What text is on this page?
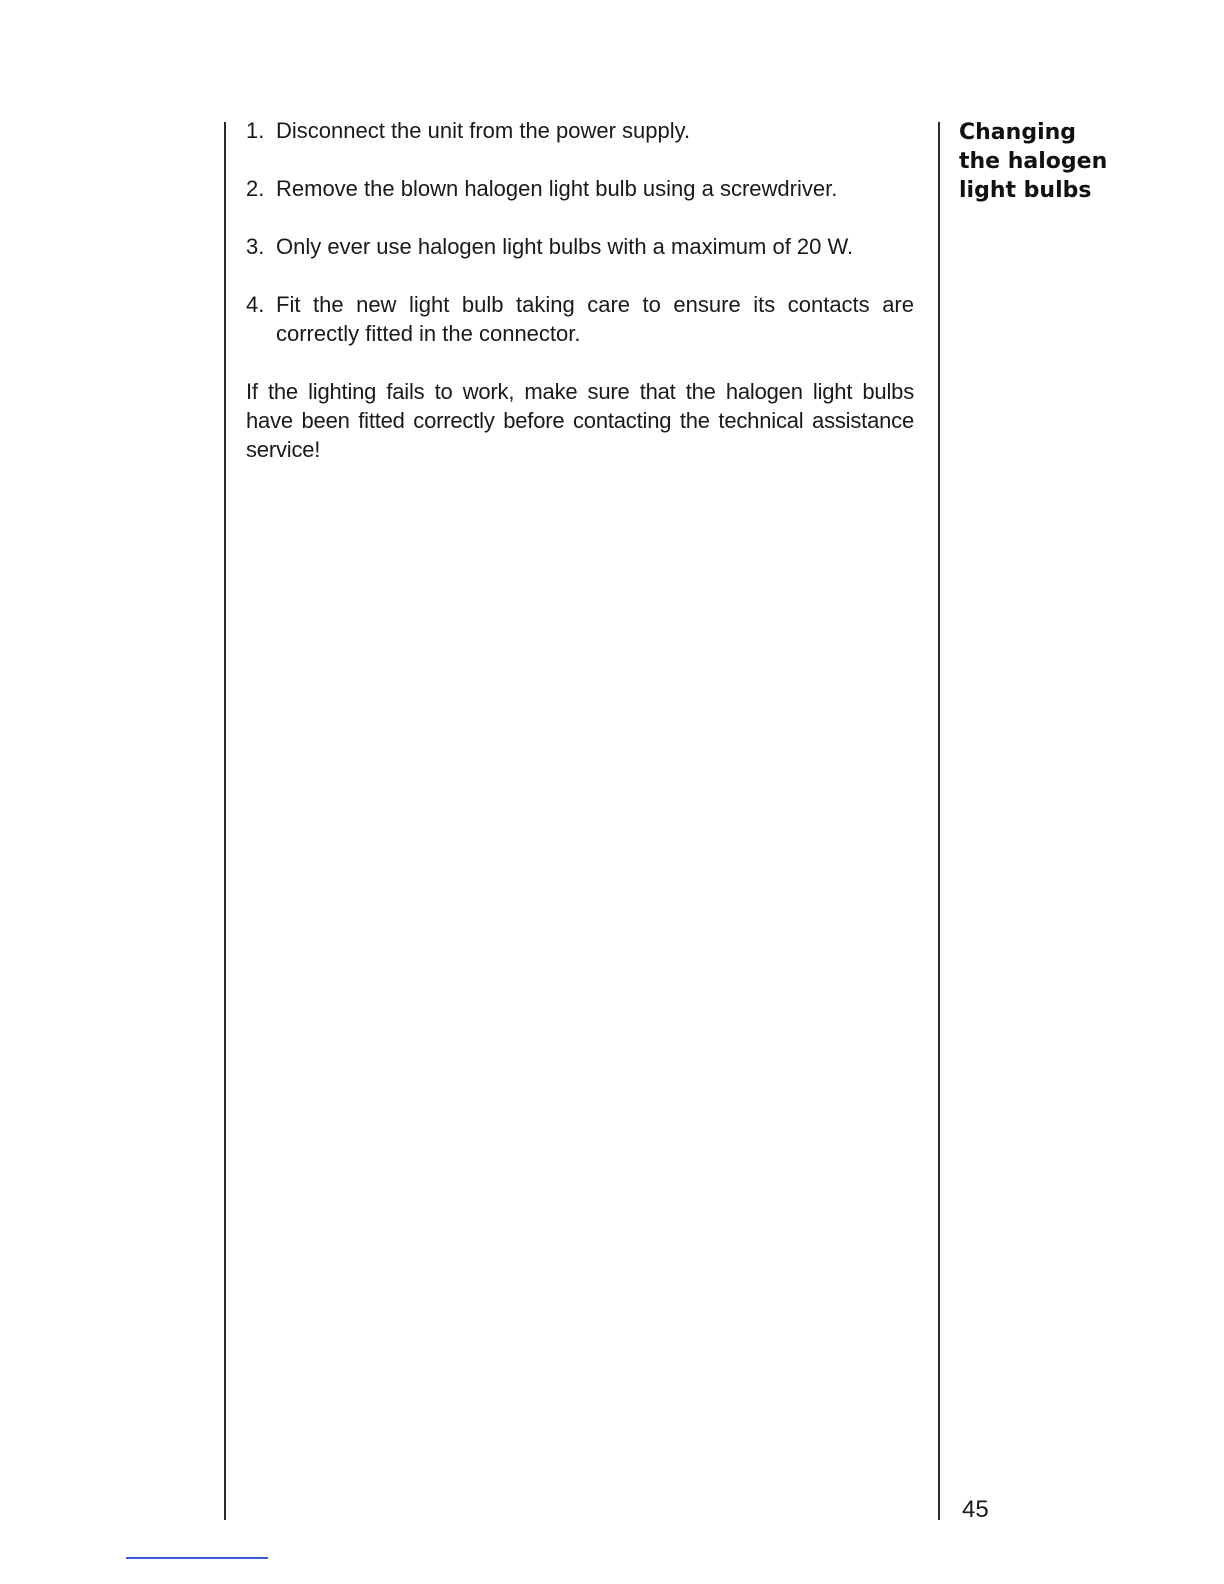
1. Disconnect the unit from the power supply.
2. Remove the blown halogen light bulb using a screwdriver.
3. Only ever use halogen light bulbs with a maximum of 20 W.
4. Fit the new light bulb taking care to ensure its contacts are correctly fitted in the connector.

If the lighting fails to work, make sure that the halogen light bulbs have been fitted correctly before contacting the technical assistance service!

Changing
the halogen
light bulbs
45
